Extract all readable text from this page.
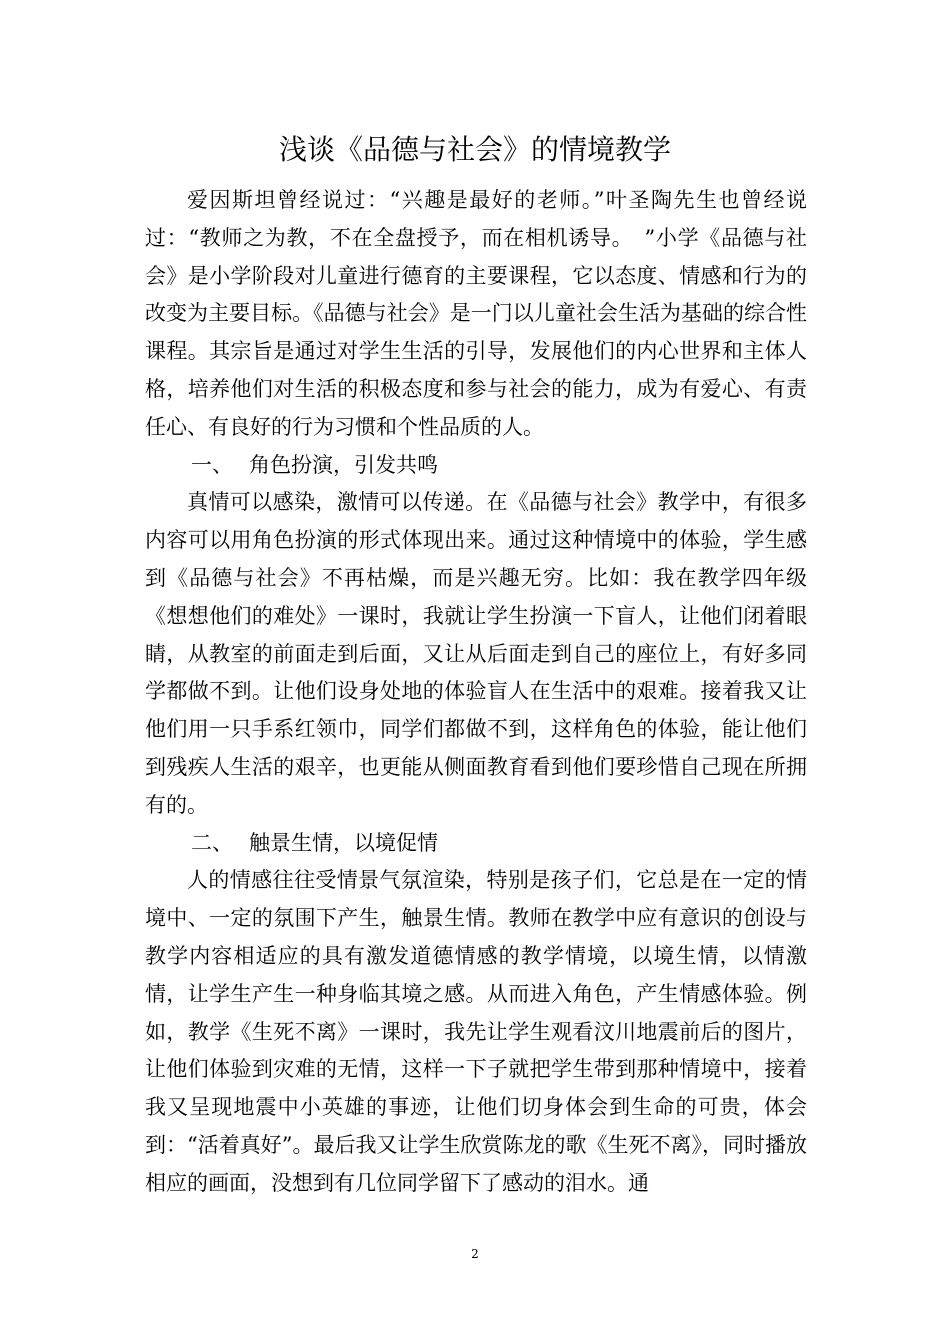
浅谈《品德与社会》的情境教学

爱因斯坦曾经说过：“兴趣是最好的老师。”叶圣陶先生也曾经说过：“教师之为教，不在全盘授予，而在相机诱导。　”小学《品德与社会》是小学阶段对儿童进行德育的主要课程，它以态度、情感和行为的改变为主要目标。《品德与社会》是一门以儿童社会生活为基础的综合性课程。其宗旨是通过对学生生活的引导，发展他们的内心世界和主体人格，培养他们对生活的积极态度和参与社会的能力，成为有爱心、有责任心、有良好的行为习惯和个性品质的人。

一、 角色扮演，引发共鸣

真情可以感染，激情可以传递。在《品德与社会》教学中，有很多内容可以用角色扮演的形式体现出来。通过这种情境中的体验，学生感到《品德与社会》不再枯燥，而是兴趣无穷。比如：我在教学四年级《想想他们的难处》一课时，我就让学生扮演一下盲人，让他们闭着眼睛，从教室的前面走到后面，又让从后面走到自己的座位上，有好多同学都做不到。让他们设身处地的体验盲人在生活中的艰难。接着我又让他们用一只手系红领巾，同学们都做不到，这样角色的体验，能让他们到残疾人生活的艰辛，也更能从侧面教育看到他们要珍惜自己现在所拥有的。

二、 触景生情，以境促情

人的情感往往受情景气氛渲染，特别是孩子们，它总是在一定的情境中、一定的氛围下产生，触景生情。教师在教学中应有意识的创设与教学内容相适应的具有激发道德情感的教学情境，以境生情，以情激情，让学生产生一种身临其境之感。从而进入角色，产生情感体验。例如，教学《生死不离》一课时，我先让学生观看汶川地震前后的图片，让他们体验到灾难的无情，这样一下子就把学生带到那种情境中，接着我又呈现地震中小英雄的事迹，让他们切身体会到生命的可贵，体会到：“活着真好”。最后我又让学生欣赏陈龙的歌《生死不离》，同时播放相应的画面，没想到有几位同学留下了感动的泪水。通

2
